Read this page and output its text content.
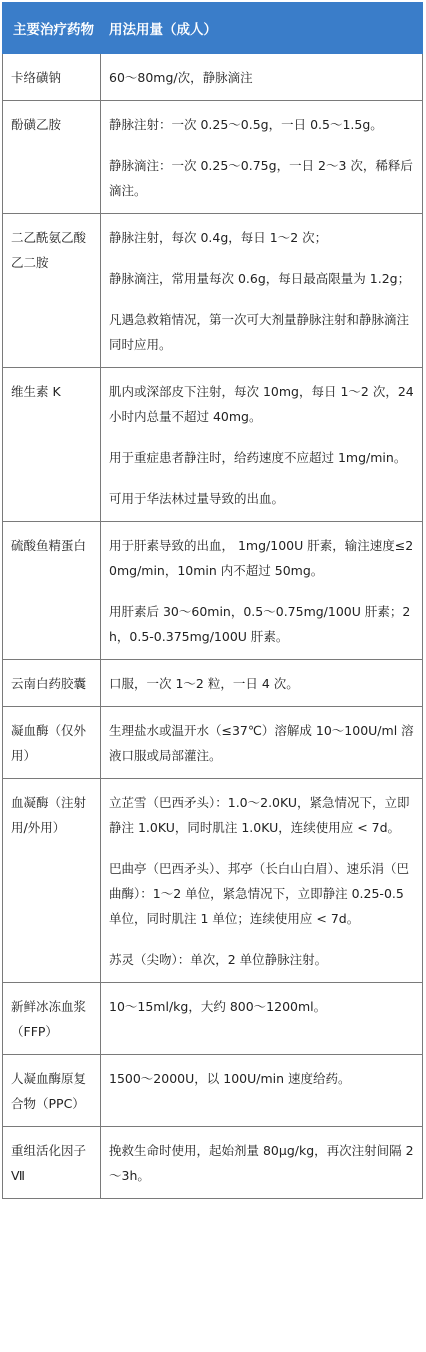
主要治疗药物	用法用量（成人）
卡络磺钠	60～80mg/次，静脉滴注

酚磺乙胺	静脉注射：一次 0.25～0.5g，一日 0.5～1.5g。

静脉滴注：一次 0.25～0.75g，一日 2～3 次，稀释后滴注。

二乙酰氨乙酸乙二胺	静脉注射，每次 0.4g，每日 1～2 次；

静脉滴注，常用量每次 0.6g，每日最高限量为 1.2g；

凡遇急救箱情况，第一次可大剂量静脉注射和静脉滴注同时应用。

维生素 K	肌内或深部皮下注射，每次 10mg，每日 1～2 次，24 小时内总量不超过 40mg。

用于重症患者静注时，给药速度不应超过 1mg/min。

可用于华法林过量导致的出血。

硫酸鱼精蛋白	用于肝素导致的出血， 1mg/100U 肝素，输注速度≤20mg/min，10min 内不超过 50mg。

用肝素后 30～60min，0.5～0.75mg/100U 肝素；2h，0.5-0.375mg/100U 肝素。

云南白药胶囊	口服，一次 1～2 粒，一日 4 次。

凝血酶（仅外用）	生理盐水或温开水（≤37℃）溶解成 10～100U/ml 溶液口服或局部灌注。

血凝酶（注射用/外用）	立芷雪（巴西矛头）：1.0～2.0KU，紧急情况下，立即静注 1.0KU，同时肌注 1.0KU，连续使用应 < 7d。

巴曲亭（巴西矛头）、邦亭（长白山白眉）、速乐涓（巴曲酶）：1～2 单位，紧急情况下，立即静注 0.25-0.5 单位，同时肌注 1 单位；连续使用应 < 7d。

苏灵（尖吻）：单次，2 单位静脉注射。

新鲜冰冻血浆（FFP）	10～15ml/kg，大约 800～1200ml。

人凝血酶原复合物（PPC）	1500～2000U，以 100U/min 速度给药。

重组活化因子Ⅶ	挽救生命时使用，起始剂量 80μg/kg，再次注射间隔 2～3h。
